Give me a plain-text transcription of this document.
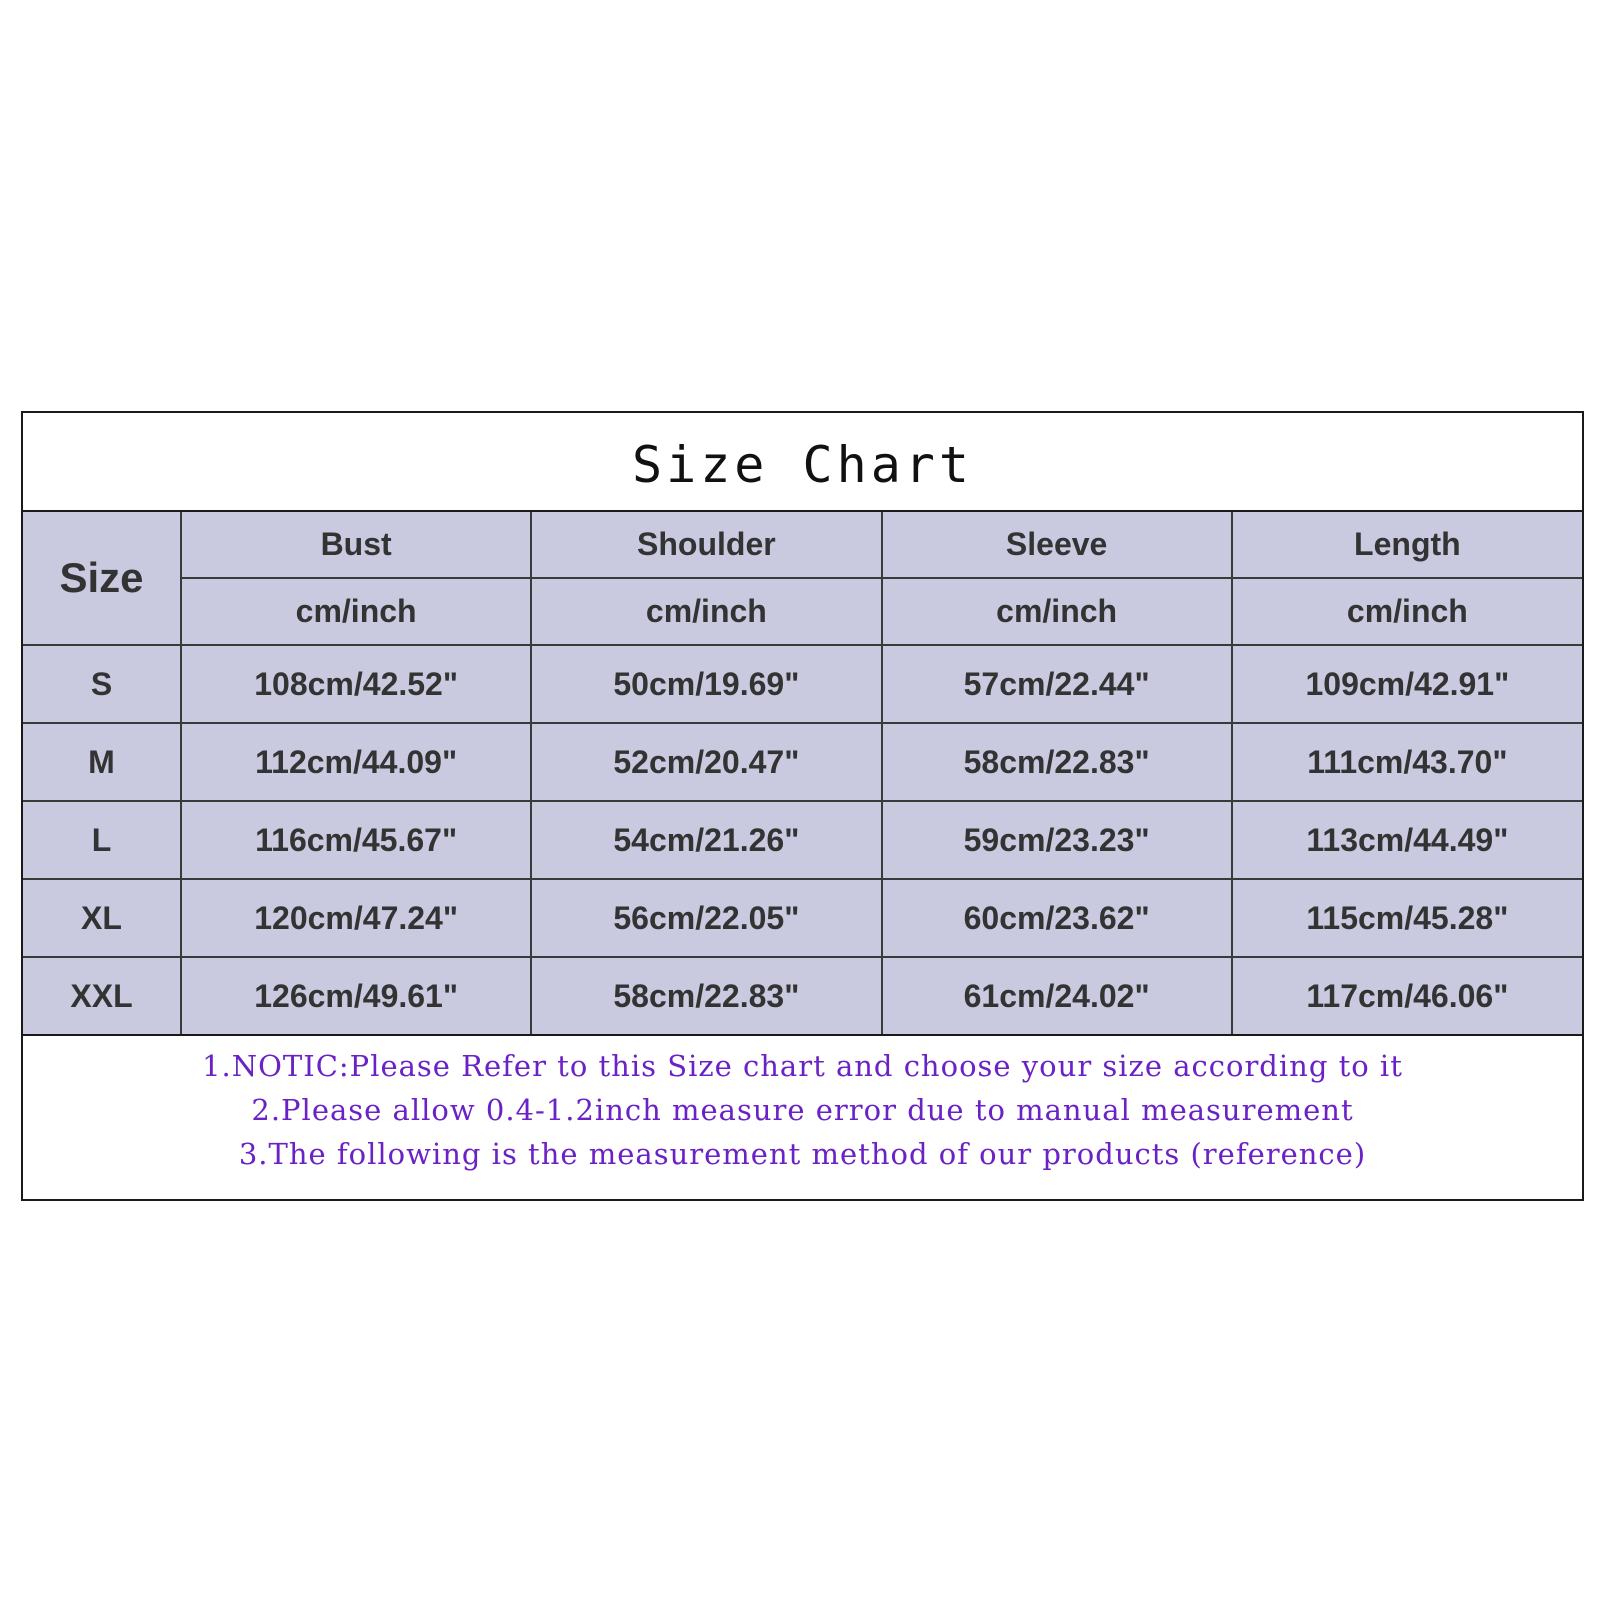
Size Chart
Size	Bust	Shoulder	Sleeve	Length
	cm/inch	cm/inch	cm/inch	cm/inch
S	108cm/42.52"	50cm/19.69"	57cm/22.44"	109cm/42.91"
M	112cm/44.09"	52cm/20.47"	58cm/22.83"	111cm/43.70"
L	116cm/45.67"	54cm/21.26"	59cm/23.23"	113cm/44.49"
XL	120cm/47.24"	56cm/22.05"	60cm/23.62"	115cm/45.28"
XXL	126cm/49.61"	58cm/22.83"	61cm/24.02"	117cm/46.06"
1.NOTIC:Please Refer to this Size chart and choose your size according to it
2.Please allow 0.4-1.2inch measure error due to manual measurement
3.The following is the measurement method of our products (reference)
